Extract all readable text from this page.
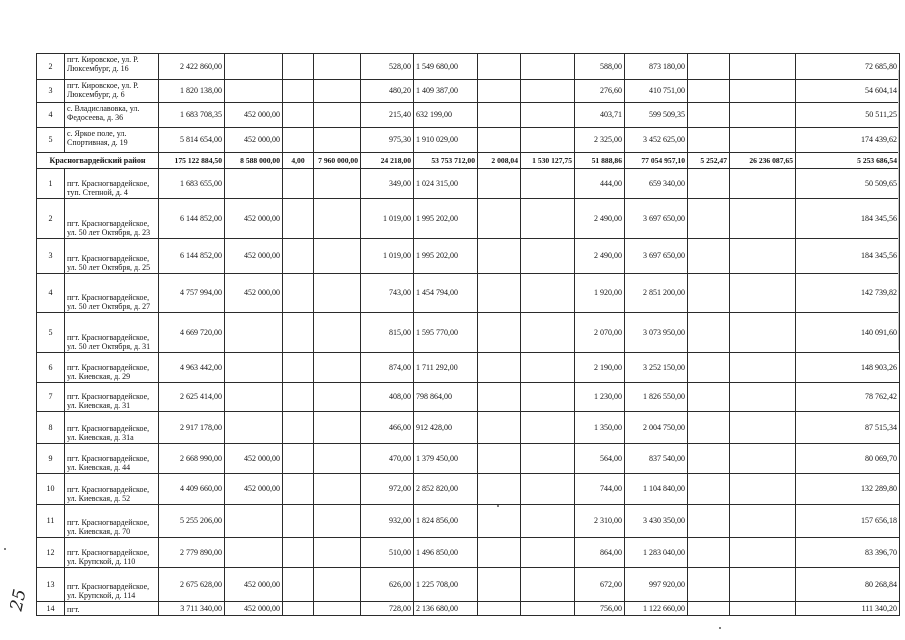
2	пгт. Кировское, ул. Р. Люксембург, д. 16	2 422 860,00				528,00	1 549 680,00			588,00	873 180,00			72 685,80
3	пгт. Кировское, ул. Р. Люксембург, д. 6	1 820 138,00				480,20	1 409 387,00			276,60	410 751,00			54 604,14
4	с. Владиславовка, ул. Федосеева, д. 36	1 683 708,35	452 000,00			215,40	632 199,00			403,71	599 509,35			50 511,25
5	с. Яркое поле, ул. Спортивная, д. 19	5 814 654,00	452 000,00			975,30	1 910 029,00			2 325,00	3 452 625,00			174 439,62
Красногвардейский район		175 122 884,50	8 588 000,00	4,00	7 960 000,00	24 218,00	53 753 712,00	2 008,04	1 530 127,75	51 888,86	77 054 957,10	5 252,47	26 236 087,65	5 253 686,54
1	пгт. Красногвардейское, туп. Степной, д. 4	1 683 655,00				349,00	1 024 315,00			444,00	659 340,00			50 509,65
2	пгт. Красногвардейское, ул. 50 лет Октября, д. 23	6 144 852,00	452 000,00			1 019,00	1 995 202,00			2 490,00	3 697 650,00			184 345,56
3	пгт. Красногвардейское, ул. 50 лет Октября, д. 25	6 144 852,00	452 000,00			1 019,00	1 995 202,00			2 490,00	3 697 650,00			184 345,56
4	пгт. Красногвардейское, ул. 50 лет Октября, д. 27	4 757 994,00	452 000,00			743,00	1 454 794,00			1 920,00	2 851 200,00			142 739,82
5	пгт. Красногвардейское, ул. 50 лет Октября, д. 31	4 669 720,00				815,00	1 595 770,00			2 070,00	3 073 950,00			140 091,60
6	пгт. Красногвардейское, ул. Киевская, д. 29	4 963 442,00				874,00	1 711 292,00			2 190,00	3 252 150,00			148 903,26
7	пгт. Красногвардейское, ул. Киевская, д. 31	2 625 414,00				408,00	798 864,00			1 230,00	1 826 550,00			78 762,42
8	пгт. Красногвардейское, ул. Киевская, д. 31а	2 917 178,00				466,00	912 428,00			1 350,00	2 004 750,00			87 515,34
9	пгт. Красногвардейское, ул. Киевская, д. 44	2 668 990,00	452 000,00			470,00	1 379 450,00			564,00	837 540,00			80 069,70
10	пгт. Красногвардейское, ул. Киевская, д. 52	4 409 660,00	452 000,00			972,00	2 852 820,00			744,00	1 104 840,00			132 289,80
11	пгт. Красногвардейское, ул. Киевская, д. 70	5 255 206,00				932,00	1 824 856,00			2 310,00	3 430 350,00			157 656,18
12	пгт. Красногвардейское, ул. Крупской, д. 110	2 779 890,00				510,00	1 496 850,00			864,00	1 283 040,00			83 396,70
13	пгт. Красногвардейское, ул. Крупской, д. 114	2 675 628,00	452 000,00			626,00	1 225 708,00			672,00	997 920,00			80 268,84
14	пгт.	3 711 340,00	452 000,00			728,00	2 136 680,00			756,00	1 122 660,00			111 340,20
25
